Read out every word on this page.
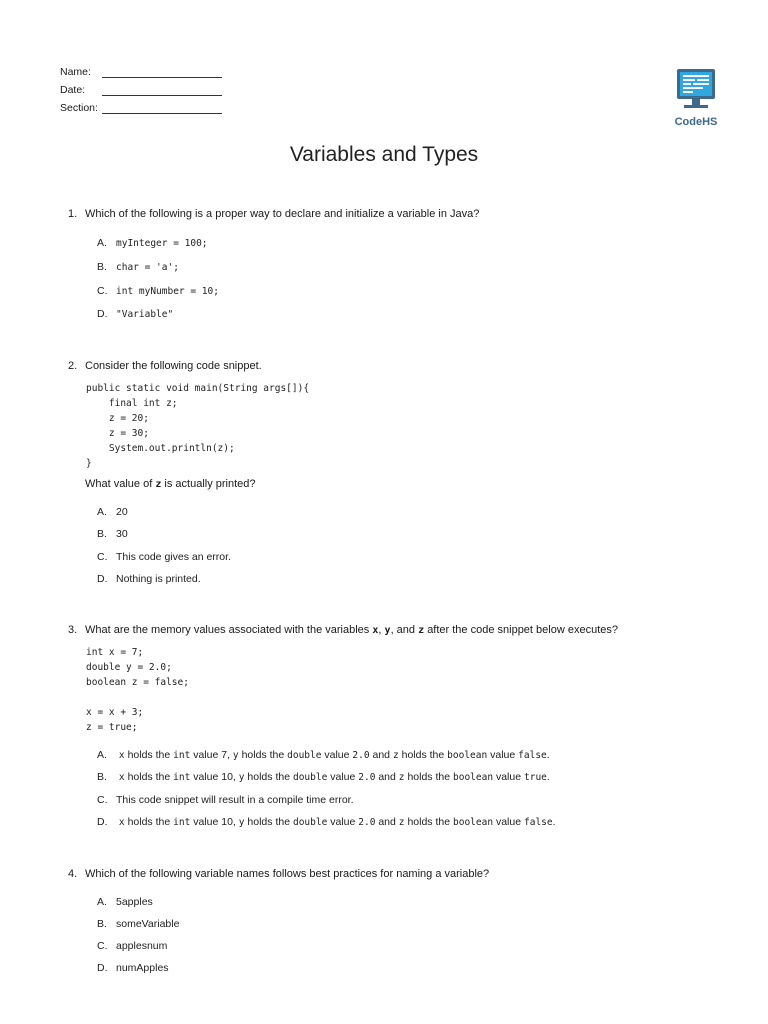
Name:
Date:
Section:
CodeHS
Variables and Types
1. Which of the following is a proper way to declare and initialize a variable in Java?
A. myInteger = 100;
B. char = 'a';
C. int myNumber = 10;
D. "Variable"
2. Consider the following code snippet.
public static void main(String args[]){
final int z;
z = 20;
z = 30;
System.out.println(z);
}
What value of z is actually printed?
A. 20
B. 30
C. This code gives an error.
D. Nothing is printed.
3. What are the memory values associated with the variables x, y, and z after the code snippet below executes?
int x = 7;
double y = 2.0;
boolean z = false;
x = x + 3;
z = true;
A. x holds the int value 7, y holds the double value 2.0 and z holds the boolean value false.
B. x holds the int value 10, y holds the double value 2.0 and z holds the boolean value true.
C. This code snippet will result in a compile time error.
D. x holds the int value 10, y holds the double value 2.0 and z holds the boolean value false.
4. Which of the following variable names follows best practices for naming a variable?
A. 5apples
B. someVariable
C. applesnum
D. numApples
